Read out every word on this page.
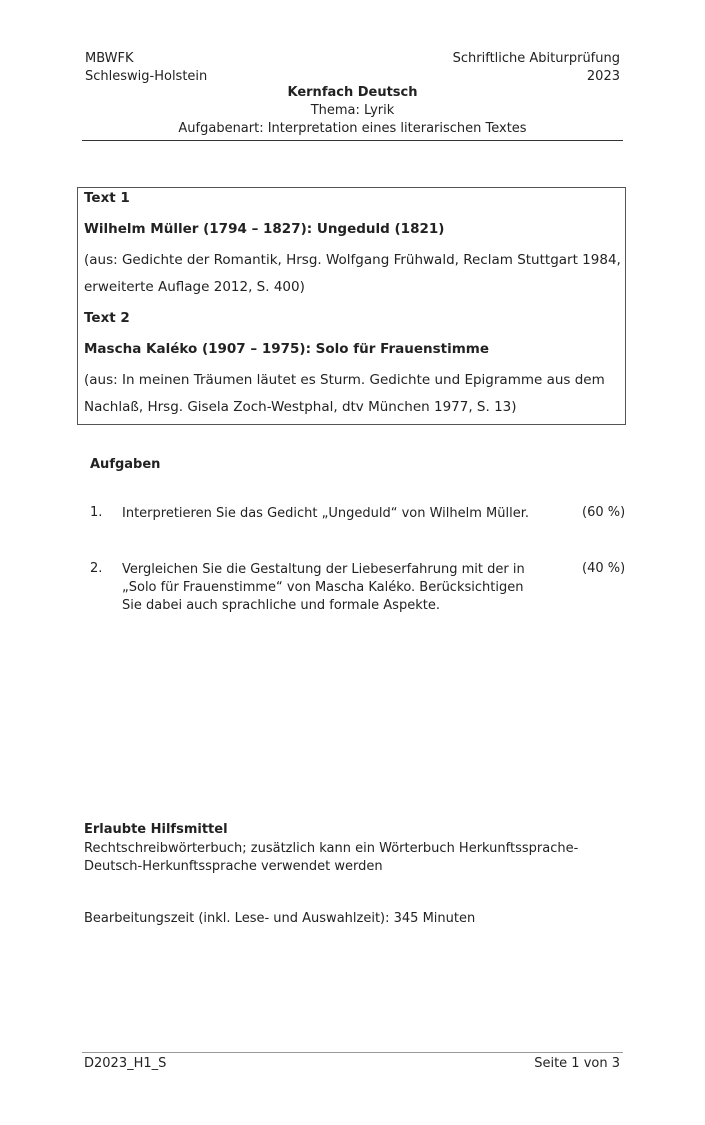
MBWFK
Schleswig-Holstein
Schriftliche Abiturprüfung
2023
Kernfach Deutsch
Thema: Lyrik
Aufgabenart: Interpretation eines literarischen Textes
Text 1
Wilhelm Müller (1794 – 1827): Ungeduld (1821)
(aus: Gedichte der Romantik, Hrsg. Wolfgang Frühwald, Reclam Stuttgart 1984,
erweiterte Auflage 2012, S. 400)
Text 2
Mascha Kaléko (1907 – 1975): Solo für Frauenstimme
(aus: In meinen Träumen läutet es Sturm. Gedichte und Epigramme aus dem
Nachlaß, Hrsg. Gisela Zoch-Westphal, dtv München 1977, S. 13)
Aufgaben
1. Interpretieren Sie das Gedicht „Ungeduld“ von Wilhelm Müller.	(60 %)
2. Vergleichen Sie die Gestaltung der Liebeserfahrung mit der in
„Solo für Frauenstimme“ von Mascha Kaléko. Berücksichtigen
Sie dabei auch sprachliche und formale Aspekte.
(40 %)
Erlaubte Hilfsmittel
Rechtschreibwörterbuch; zusätzlich kann ein Wörterbuch Herkunftssprache-
Deutsch-Herkunftssprache verwendet werden
Bearbeitungszeit (inkl. Lese- und Auswahlzeit): 345 Minuten
D2023_H1_S	Seite 1 von 3
